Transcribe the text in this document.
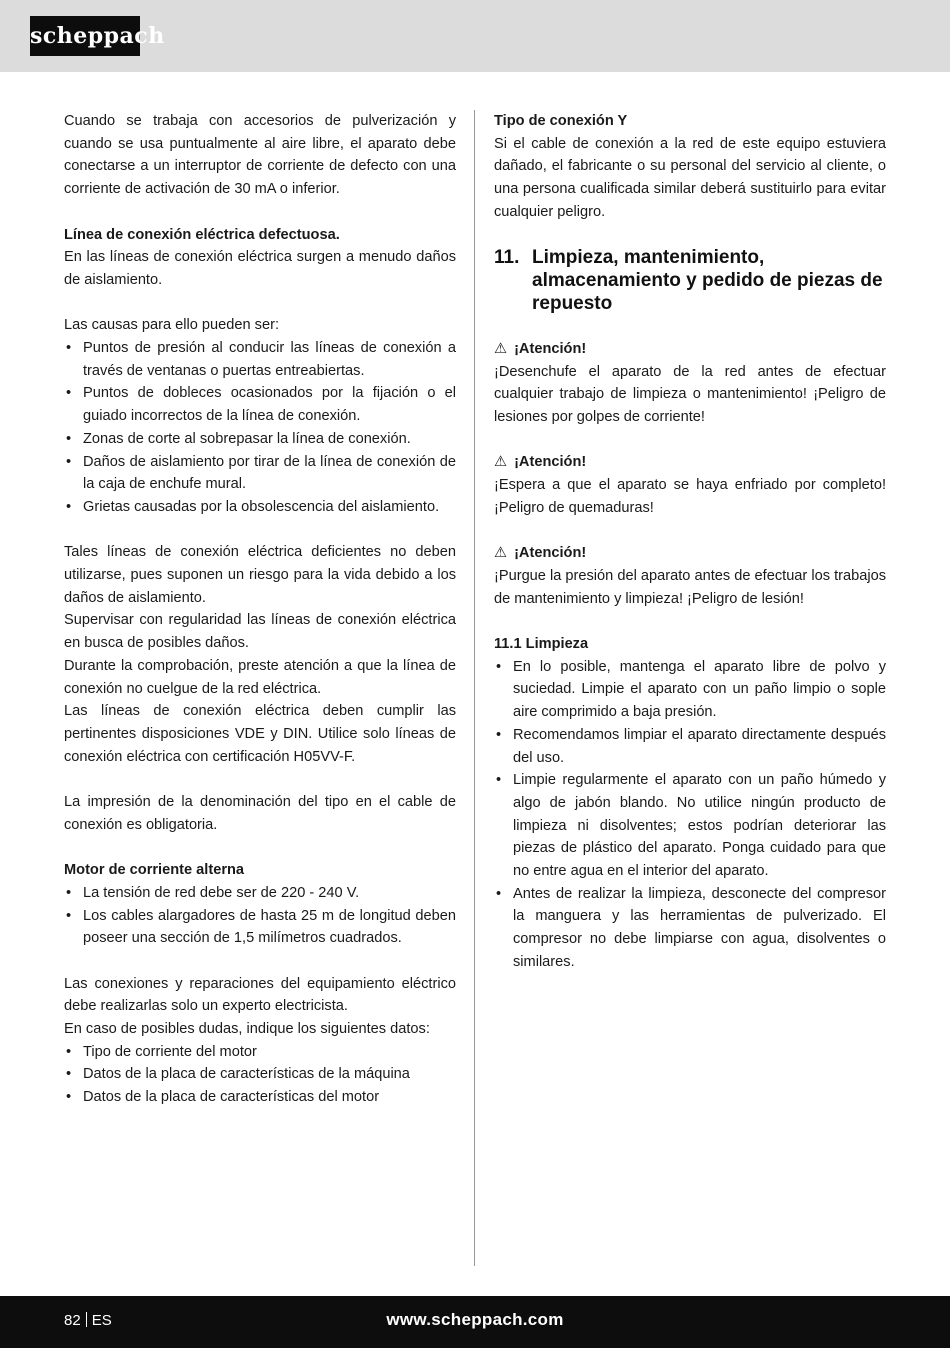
scheppach

Cuando se trabaja con accesorios de pulverización y cuando se usa puntualmente al aire libre, el aparato debe conectarse a un interruptor de corriente de defecto con una corriente de activación de 30 mA o inferior.

Línea de conexión eléctrica defectuosa.

En las líneas de conexión eléctrica surgen a menudo daños de aislamiento.

Las causas para ello pueden ser:

• Puntos de presión al conducir las líneas de conexión a través de ventanas o puertas entreabiertas.
• Puntos de dobleces ocasionados por la fijación o el guiado incorrectos de la línea de conexión.
• Zonas de corte al sobrepasar la línea de conexión.
• Daños de aislamiento por tirar de la línea de conexión de la caja de enchufe mural.
• Grietas causadas por la obsolescencia del aislamiento.

Tales líneas de conexión eléctrica deficientes no deben utilizarse, pues suponen un riesgo para la vida debido a los daños de aislamiento.

Supervisar con regularidad las líneas de conexión eléctrica en busca de posibles daños.

Durante la comprobación, preste atención a que la línea de conexión no cuelgue de la red eléctrica.

Las líneas de conexión eléctrica deben cumplir las pertinentes disposiciones VDE y DIN. Utilice solo líneas de conexión eléctrica con certificación H05VV-F.

La impresión de la denominación del tipo en el cable de conexión es obligatoria.

Motor de corriente alterna

• La tensión de red debe ser de 220 - 240 V.
• Los cables alargadores de hasta 25 m de longitud deben poseer una sección de 1,5 milímetros cuadrados.

Las conexiones y reparaciones del equipamiento eléctrico debe realizarlas solo un experto electricista.

En caso de posibles dudas, indique los siguientes datos:

• Tipo de corriente del motor
• Datos de la placa de características de la máquina
• Datos de la placa de características del motor

Tipo de conexión Y

Si el cable de conexión a la red de este equipo estuviera dañado, el fabricante o su personal del servicio al cliente, o una persona cualificada similar deberá sustituirlo para evitar cualquier peligro.

11. Limpieza, mantenimiento, almacenamiento y pedido de piezas de repuesto

⚠ ¡Atención!

¡Desenchufe el aparato de la red antes de efectuar cualquier trabajo de limpieza o mantenimiento! ¡Peligro de lesiones por golpes de corriente!

⚠ ¡Atención!

¡Espera a que el aparato se haya enfriado por completo! ¡Peligro de quemaduras!

⚠ ¡Atención!

¡Purgue la presión del aparato antes de efectuar los trabajos de mantenimiento y limpieza! ¡Peligro de lesión!

11.1 Limpieza

• En lo posible, mantenga el aparato libre de polvo y suciedad. Limpie el aparato con un paño limpio o sople aire comprimido a baja presión.
• Recomendamos limpiar el aparato directamente después del uso.
• Limpie regularmente el aparato con un paño húmedo y algo de jabón blando. No utilice ningún producto de limpieza ni disolventes; estos podrían deteriorar las piezas de plástico del aparato. Ponga cuidado para que no entre agua en el interior del aparato.
• Antes de realizar la limpieza, desconecte del compresor la manguera y las herramientas de pulverizado. El compresor no debe limpiarse con agua, disolventes o similares.
82 ES	www.scheppach.com
